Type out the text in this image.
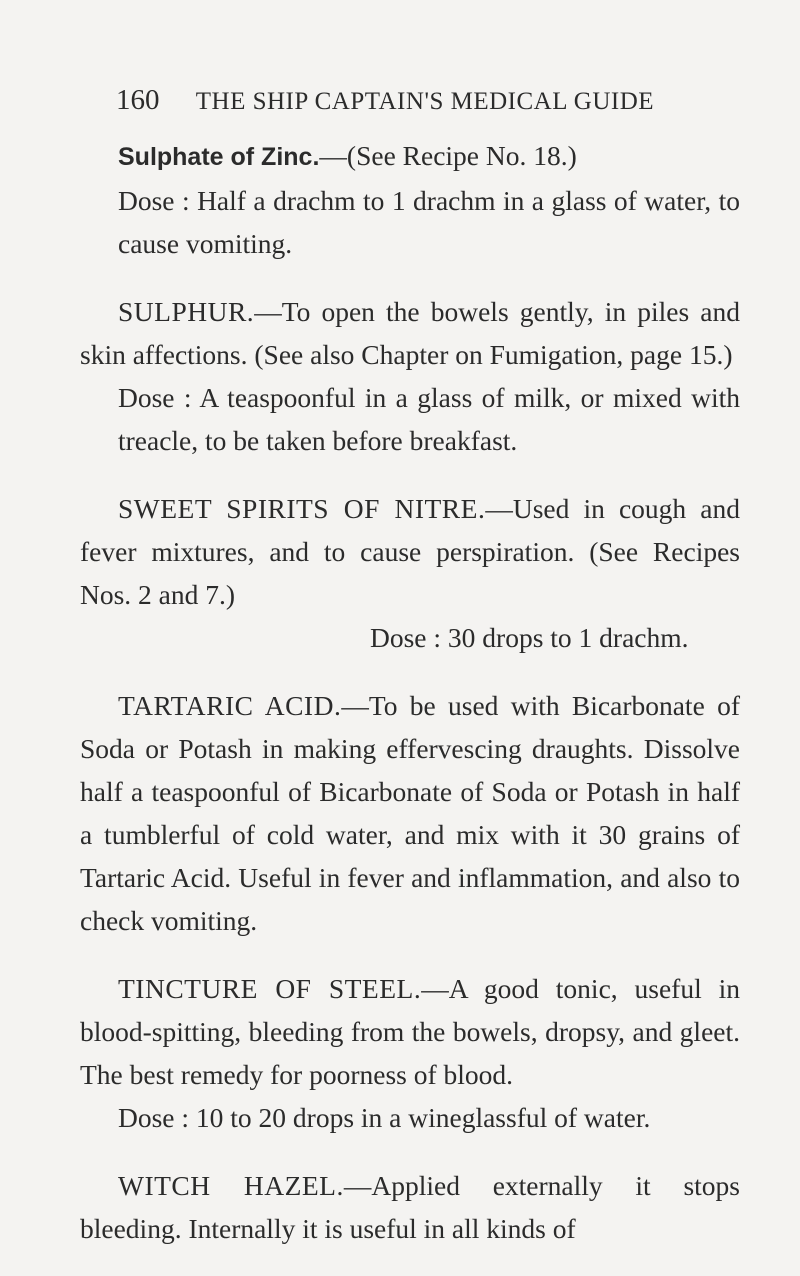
160 THE SHIP CAPTAIN'S MEDICAL GUIDE
Sulphate of Zinc.—(See Recipe No. 18.)
Dose : Half a drachm to 1 drachm in a glass of water, to cause vomiting.
SULPHUR.—To open the bowels gently, in piles and skin affections. (See also Chapter on Fumigation, page 15.)
Dose : A teaspoonful in a glass of milk, or mixed with treacle, to be taken before breakfast.
SWEET SPIRITS OF NITRE.—Used in cough and fever mixtures, and to cause perspiration. (See Recipes Nos. 2 and 7.)
Dose : 30 drops to 1 drachm.
TARTARIC ACID.—To be used with Bicarbonate of Soda or Potash in making effervescing draughts. Dissolve half a teaspoonful of Bicarbonate of Soda or Potash in half a tumblerful of cold water, and mix with it 30 grains of Tartaric Acid. Useful in fever and inflammation, and also to check vomiting.
TINCTURE OF STEEL.—A good tonic, useful in blood-spitting, bleeding from the bowels, dropsy, and gleet. The best remedy for poorness of blood.
Dose : 10 to 20 drops in a wineglassful of water.
WITCH HAZEL.—Applied externally it stops bleeding. Internally it is useful in all kinds of
